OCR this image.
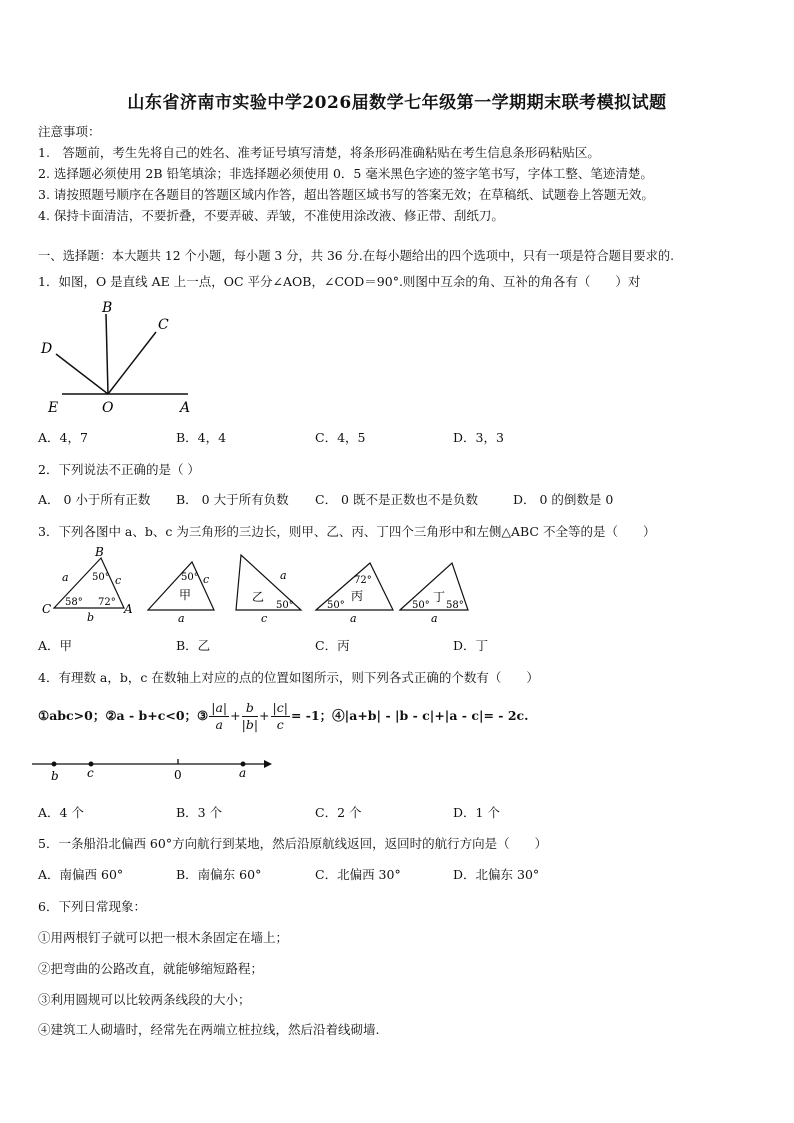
山东省济南市实验中学2026届数学七年级第一学期期末联考模拟试题
注意事项：
1.　答题前，考生先将自己的姓名、准考证号填写清楚，将条形码准确粘贴在考生信息条形码粘贴区。
2. 选择题必须使用 2B 铅笔填涂；非选择题必须使用 0．5 毫米黑色字迹的签字笔书写，字体工整、笔迹清楚。
3. 请按照题号顺序在各题目的答题区域内作答，超出答题区域书写的答案无效；在草稿纸、试题卷上答题无效。
4. 保持卡面清洁，不要折叠，不要弄破、弄皱，不准使用涂改液、修正带、刮纸刀。
一、选择题：本大题共 12 个小题，每小题 3 分，共 36 分.在每小题给出的四个选项中，只有一项是符合题目要求的.
1．如图，O 是直线 AE 上一点，OC 平分∠AOB，∠COD＝90°.则图中互余的角、互补的角各有（　　）对
B
C
D
E	O	A
A．4，7	B．4，4	C．4，5	D．3，3
2．下列说法不正确的是（ ）
A． 0 小于所有正数 B． 0 大于所有负数 C． 0 既不是正数也不是负数	D． 0 的倒数是 0
3．下列各图中 a、b、c 为三角形的三边长，则甲、乙、丙、丁四个三角形中和左侧△ABC 不全等的是（　　）
B
C	A
a	c
b
50°
58° 72°
50°
甲
c
a
乙
50°
a
c
72°
丙
50°
a
丁
50° 58°
a
A．甲	B．乙	C．丙	D．丁
4．有理数 a，b，c 在数轴上对应的点的位置如图所示，则下列各式正确的个数有（　　）
①abc>0；②a - b+c<0；③ $\frac{|a|}{a} + \frac{b}{|b|} + \frac{|c|}{c} = -1$；④|a+b| - |b - c|+|a - c|= - 2c.
b c	0	a
A．4 个	B．3 个	C．2 个	D．1 个
5．一条船沿北偏西 60°方向航行到某地，然后沿原航线返回，返回时的航行方向是（　　）
A．南偏西 60°	B．南偏东 60°	C．北偏西 30°	D．北偏东 30°
6．下列日常现象：
①用两根钉子就可以把一根木条固定在墙上；
②把弯曲的公路改直，就能够缩短路程；
③利用圆规可以比较两条线段的大小；
④建筑工人砌墙时，经常先在两端立桩拉线，然后沿着线砌墙.
